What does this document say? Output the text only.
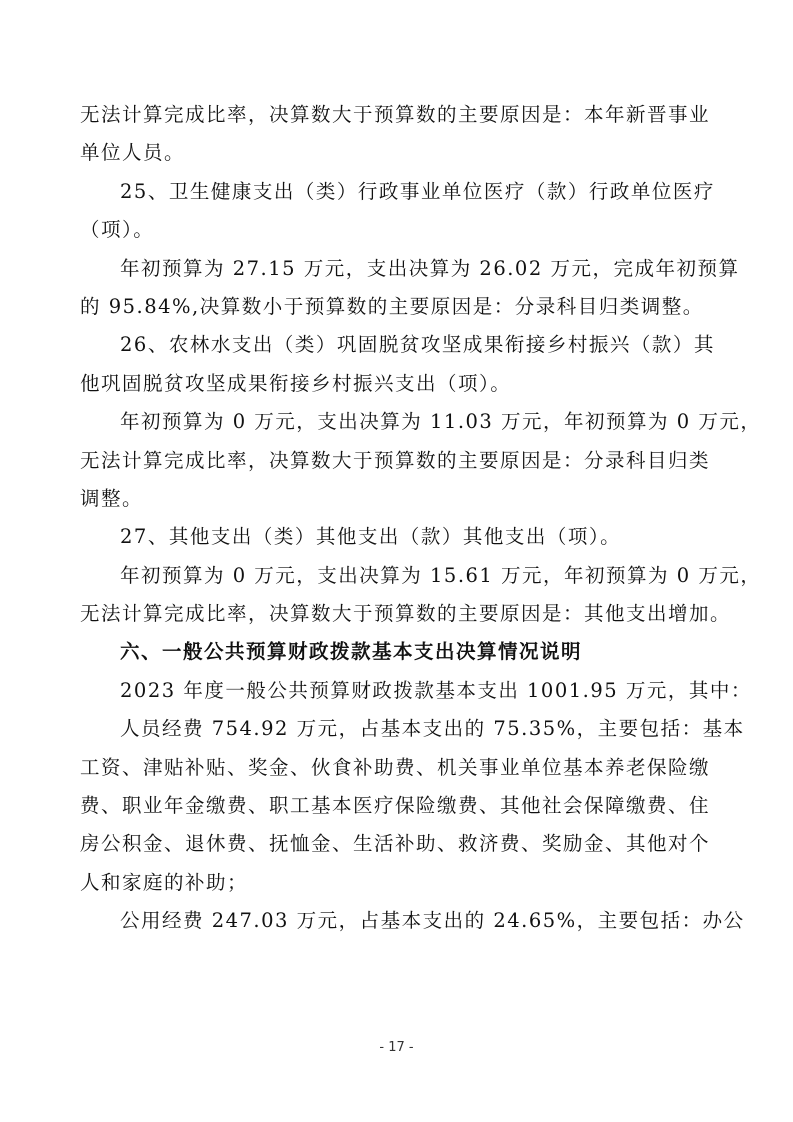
无法计算完成比率，决算数大于预算数的主要原因是：本年新晋事业
单位人员。
25、卫生健康支出（类）行政事业单位医疗（款）行政单位医疗
（项）。
年初预算为 27.15 万元，支出决算为 26.02 万元，完成年初预算
的 95.84%,决算数小于预算数的主要原因是：分录科目归类调整。
26、农林水支出（类）巩固脱贫攻坚成果衔接乡村振兴（款）其
他巩固脱贫攻坚成果衔接乡村振兴支出（项）。
年初预算为 0 万元，支出决算为 11.03 万元，年初预算为 0 万元，
无法计算完成比率，决算数大于预算数的主要原因是：分录科目归类
调整。
27、其他支出（类）其他支出（款）其他支出（项）。
年初预算为 0 万元，支出决算为 15.61 万元，年初预算为 0 万元，
无法计算完成比率，决算数大于预算数的主要原因是：其他支出增加。
六、一般公共预算财政拨款基本支出决算情况说明
2023 年度一般公共预算财政拨款基本支出 1001.95 万元，其中：
人员经费 754.92 万元，占基本支出的 75.35%，主要包括：基本
工资、津贴补贴、奖金、伙食补助费、机关事业单位基本养老保险缴
费、职业年金缴费、职工基本医疗保险缴费、其他社会保障缴费、住
房公积金、退休费、抚恤金、生活补助、救济费、奖励金、其他对个
人和家庭的补助；
公用经费 247.03 万元，占基本支出的 24.65%，主要包括：办公
- 17 -
